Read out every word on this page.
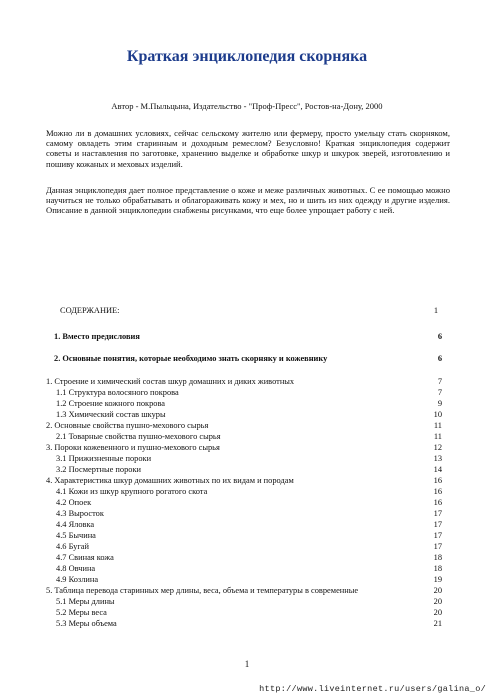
Краткая энциклопедия скорняка
Автор - М.Пыльцына, Издательство - "Проф-Пресс", Ростов-на-Дону, 2000
Можно ли в домашних условиях, сейчас сельскому жителю или фермеру, просто умельцу стать скорняком, самому овладеть этим старинным и доходным ремеслом? Безусловно! Краткая энциклопедия содержит советы и наставления по заготовке, хранению выделке и обработке шкур и шкурок зверей, изготовлению и пошиву кожаных и меховых изделий.
Данная энциклопедия дает полное представление о коже и меже различных животных. С ее помощью можно научиться не только обрабатывать и облагораживать кожу и мех, но и шить из них одежду и другие изделия. Описание в данной энциклопедии снабжены рисунками, что еще более упрощает работу с ней.
СОДЕРЖАНИЕ:	1
1. Вместо предисловия	6
2. Основные понятия, которые необходимо знать скорняку и кожевнику	6
1. Строение и химический состав шкур домашних и диких животных	7
1.1 Структура волосяного покрова	7
1.2 Строение кожного покрова	9
1.3 Химический состав шкуры	10
2. Основные свойства пушно-мехового сырья	11
2.1 Товарные свойства пушно-мехового сырья	11
3. Пороки кожевенного и пушно-мехового сырья	12
3.1 Прижизненные пороки	13
3.2 Посмертные пороки	14
4. Характеристика шкур домашних животных по их видам и породам	16
4.1 Кожи из шкур крупного рогатого скота	16
4.2 Опоек	16
4.3 Выросток	17
4.4 Яловка	17
4.5 Бычина	17
4.6 Бугай	17
4.7 Свиная кожа	18
4.8 Овчина	18
4.9 Козлина	19
5. Таблица перевода старинных мер длины, веса, объема и температуры в современные	20
5.1 Меры длины	20
5.2 Меры веса	20
5.3 Меры объема	21
1
http://www.liveinternet.ru/users/galina_o/
